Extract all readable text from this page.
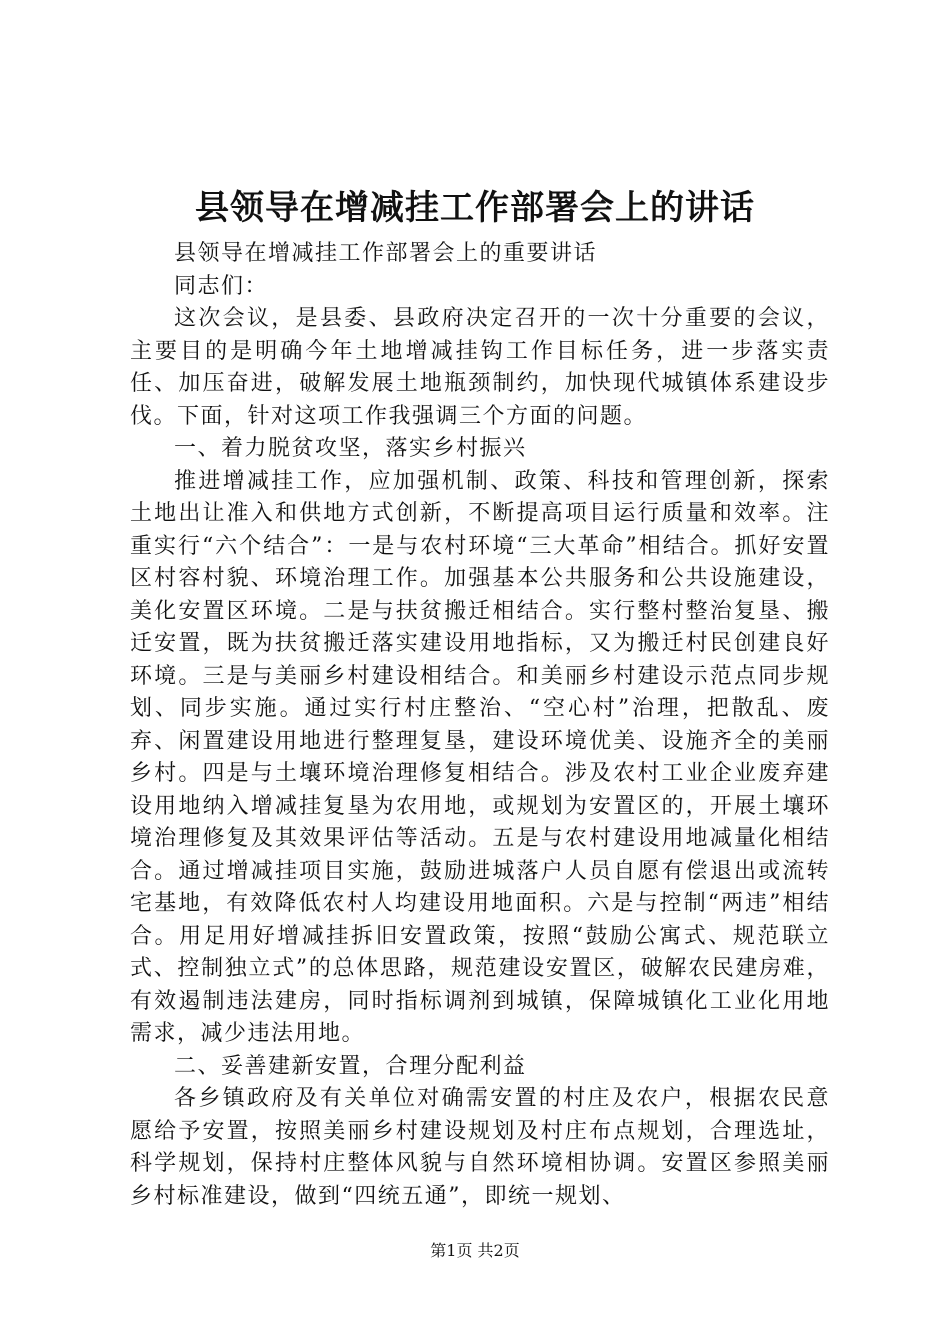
县领导在增减挂工作部署会上的讲话

县领导在增减挂工作部署会上的重要讲话

同志们：

这次会议，是县委、县政府决定召开的一次十分重要的会议，主要目的是明确今年土地增减挂钩工作目标任务，进一步落实责任、加压奋进，破解发展土地瓶颈制约，加快现代城镇体系建设步伐。下面，针对这项工作我强调三个方面的问题。

一、着力脱贫攻坚，落实乡村振兴

推进增减挂工作，应加强机制、政策、科技和管理创新，探索土地出让准入和供地方式创新，不断提高项目运行质量和效率。注重实行“六个结合”：一是与农村环境“三大革命”相结合。抓好安置区村容村貌、环境治理工作。加强基本公共服务和公共设施建设，美化安置区环境。二是与扶贫搬迁相结合。实行整村整治复垦、搬迁安置，既为扶贫搬迁落实建设用地指标，又为搬迁村民创建良好环境。三是与美丽乡村建设相结合。和美丽乡村建设示范点同步规划、同步实施。通过实行村庄整治、“空心村”治理，把散乱、废弃、闲置建设用地进行整理复垦，建设环境优美、设施齐全的美丽乡村。四是与土壤环境治理修复相结合。涉及农村工业企业废弃建设用地纳入增减挂复垦为农用地，或规划为安置区的，开展土壤环境治理修复及其效果评估等活动。五是与农村建设用地减量化相结合。通过增减挂项目实施，鼓励进城落户人员自愿有偿退出或流转宅基地，有效降低农村人均建设用地面积。六是与控制“两违”相结合。用足用好增减挂拆旧安置政策，按照“鼓励公寓式、规范联立式、控制独立式”的总体思路，规范建设安置区，破解农民建房难，有效遏制违法建房，同时指标调剂到城镇，保障城镇化工业化用地需求，减少违法用地。

二、妥善建新安置，合理分配利益

各乡镇政府及有关单位对确需安置的村庄及农户，根据农民意愿给予安置，按照美丽乡村建设规划及村庄布点规划，合理选址，科学规划，保持村庄整体风貌与自然环境相协调。安置区参照美丽乡村标准建设，做到“四统五通”，即统一规划、

第1页 共2页
